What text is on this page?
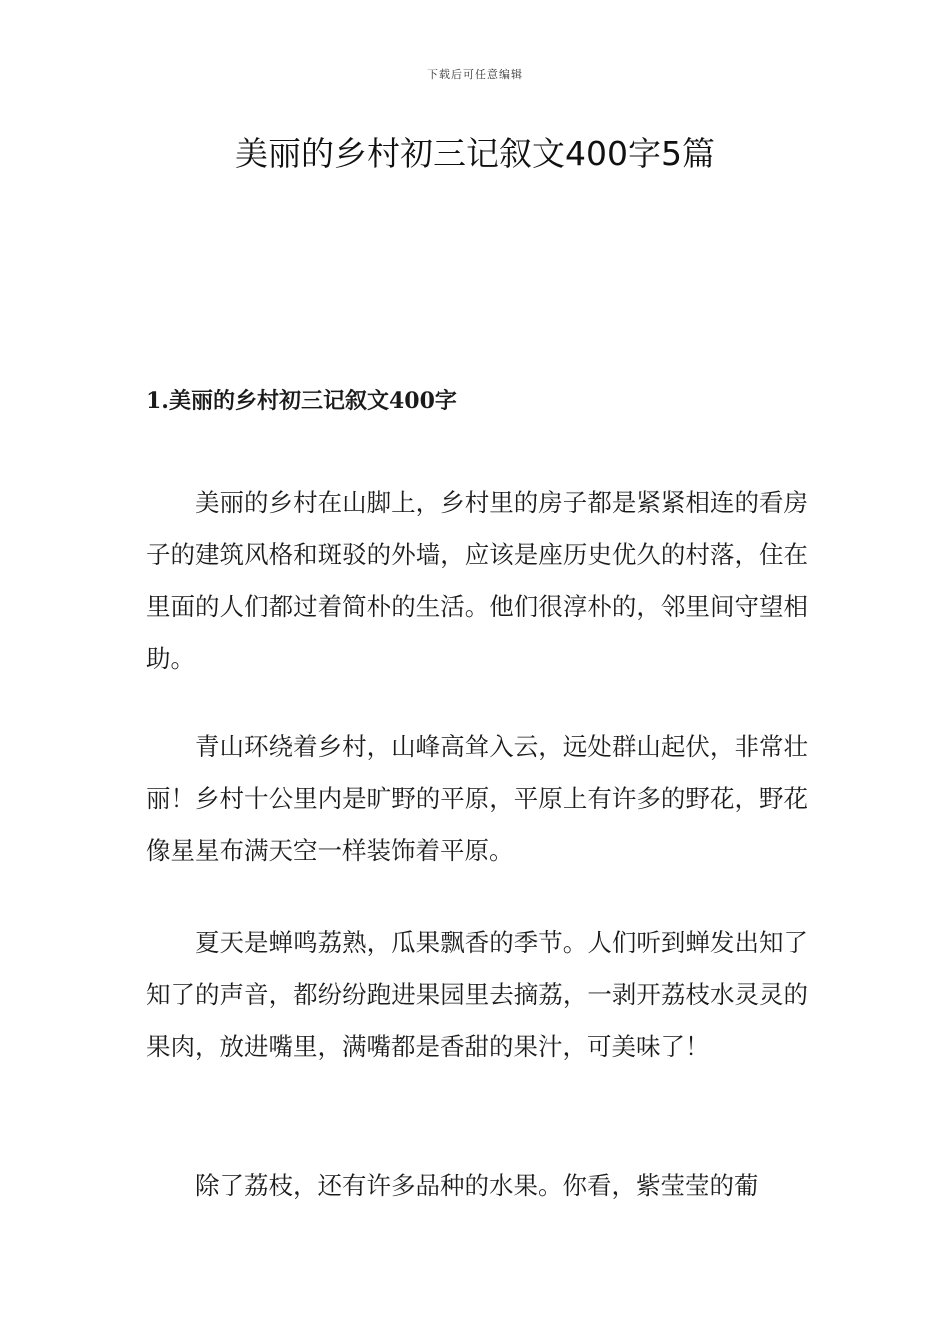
下载后可任意编辑
美丽的乡村初三记叙文400字5篇
1.美丽的乡村初三记叙文400字

美丽的乡村在山脚上，乡村里的房子都是紧紧相连的看房子的建筑风格和斑驳的外墙，应该是座历史优久的村落，住在里面的人们都过着简朴的生活。他们很淳朴的，邻里间守望相助。

青山环绕着乡村，山峰高耸入云，远处群山起伏，非常壮丽！乡村十公里内是旷野的平原，平原上有许多的野花，野花像星星布满天空一样装饰着平原。

夏天是蝉鸣荔熟，瓜果飘香的季节。人们听到蝉发出知了知了的声音，都纷纷跑进果园里去摘荔，一剥开荔枝水灵灵的果肉，放进嘴里，满嘴都是香甜的果汁，可美味了！

除了荔枝，还有许多品种的水果。你看，紫莹莹的葡
